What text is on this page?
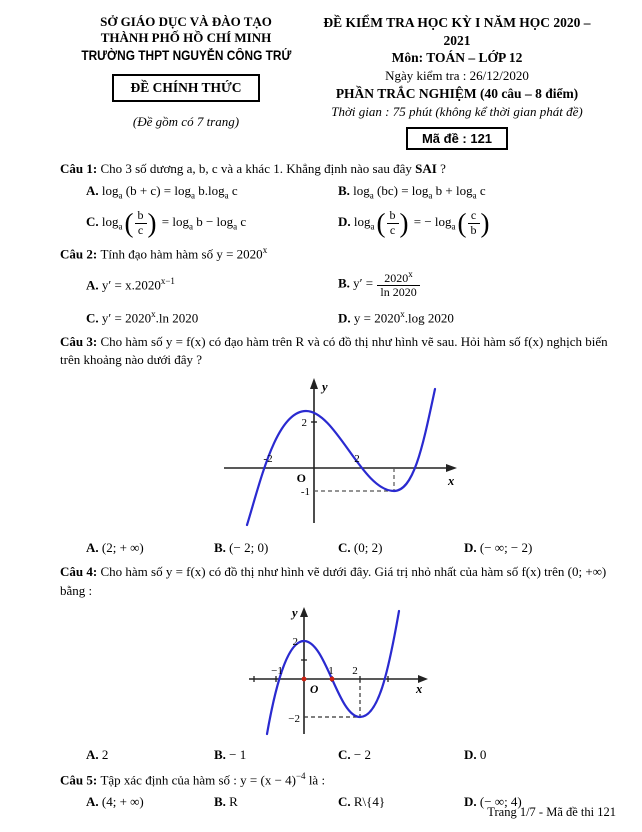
SỞ GIÁO DỤC VÀ ĐÀO TẠO
THÀNH PHỐ HỒ CHÍ MINH
TRƯỜNG THPT NGUYỄN CÔNG TRỨ
ĐỀ CHÍNH THỨC
(Đề gồm có 7 trang)
ĐỀ KIỂM TRA HỌC KỲ I NĂM HỌC 2020 – 2021
Môn: TOÁN – LỚP 12
Ngày kiểm tra : 26/12/2020
PHẦN TRẮC NGHIỆM (40 câu – 8 điểm)
Thời gian : 75 phút (không kể thời gian phát đề)
Mã đề : 121

Câu 1: Cho 3 số dương a, b, c và a khác 1. Khẳng định nào sau đây SAI ?

A. $\log_a (b + c) = \log_a b.\log_a$ c	B. $\log_a (bc) = \log_a b + \log_a c$
C. $\log_a$ ( $\frac{b}{c}$ ) = $\log_a b - \log_a c$	D. $\log_a$ ( $\frac{b}{c}$ ) = − $\log_a$ ( $\frac{c}{b}$ )

Câu 2: Tính đạo hàm hàm số $y = 2020^x$

A. $y' = x.2020^{x-1}$	B. $y' = \frac{2020^x}{\ln 2020}$
C. $y' = 2020^x.\ln$ 2020	D. $y = 2020^x.\log$ 2020

Câu 3: Cho hàm số y = f(x) có đạo hàm trên R và có đồ thị như hình vẽ sau. Hỏi hàm số f(x) nghịch biến trên khoảng nào dưới đây ?

y
x
O
2
-1
-2	2
A. (2; + ∞)	B. (− 2; 0)	C. (0; 2)	D. (− ∞; − 2)

Câu 4: Cho hàm số y = f(x) có đồ thị như hình vẽ dưới đây. Giá trị nhỏ nhất của hàm số f(x) trên (0; +∞) bằng :

y
x
O
2
−2
−1	1 2
A. 2	B. − 1	C. − 2	D. 0

Câu 5: Tập xác định của hàm số : $y = (x - 4)^{-4}$ là :

A. (4; + ∞)	B. R	C. R\{4}	D. (− ∞; 4)
Trang 1/7 - Mã đề thi 121
